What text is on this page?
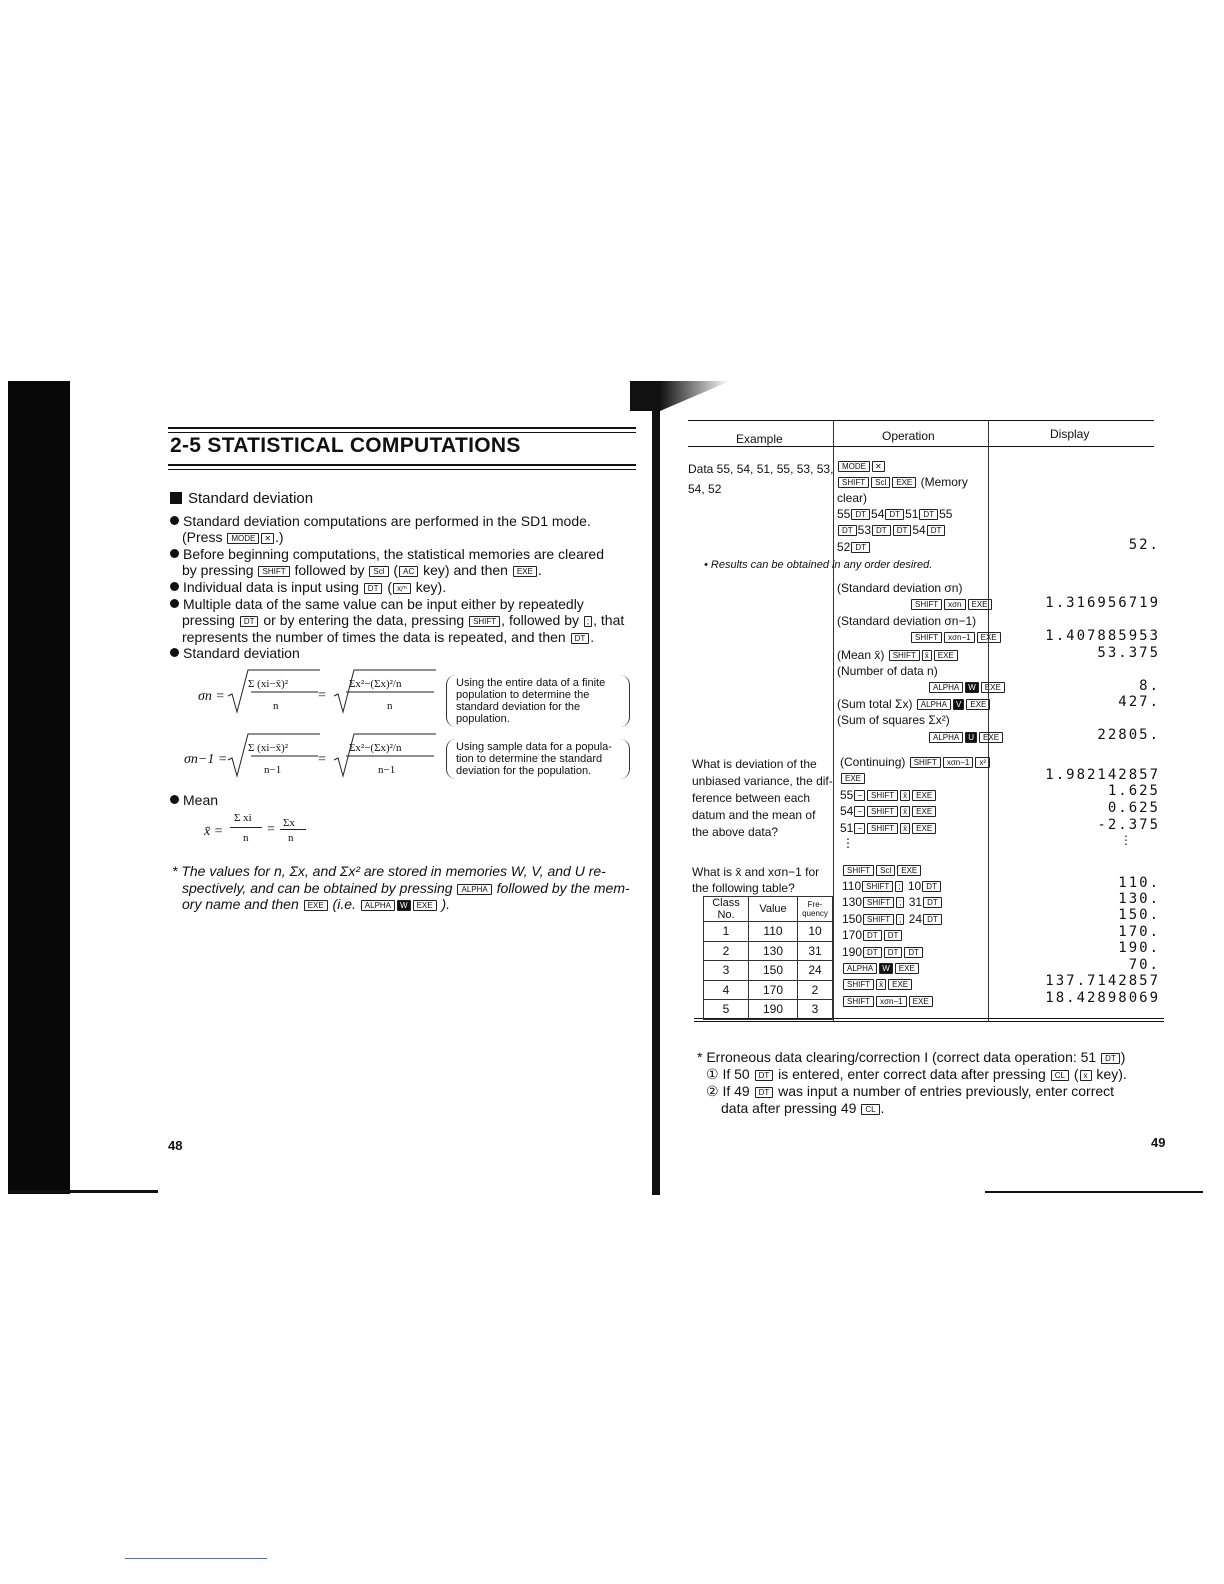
2-5 STATISTICAL COMPUTATIONS
Standard deviation
Standard deviation computations are performed in the SD1 mode.
(Press MODE ✕ .)
Before beginning computations, the statistical memories are cleared
by pressing SHIFT followed by Scl ( AC key) and then EXE .
Individual data is input using DT ( xᵢᵐ key).
Multiple data of the same value can be input either by repeatedly
pressing DT or by entering the data, pressing SHIFT , followed by ; , that
represents the number of times the data is repeated, and then DT .
Standard deviation
σn =
Σ (xi−x̄)²
n
=
Σx²−(Σx)²/n
n
Using the entire data of a finite
population to determine the
standard deviation for the
population.
σn−1 =
Σ (xi−x̄)²
n−1
=
Σx²−(Σx)²/n
n−1
Using sample data for a popula-
tion to determine the standard
deviation for the population.
Mean
x̄ =
Σ xi
n
= Σx
n
* The values for n, Σx, and Σx² are stored in memories W, V, and U re-
spectively, and can be obtained by pressing ALPHA followed by the mem-
ory name and then EXE (i.e. ALPHA W EXE ).
48
Example	Operation	Display
Data 55, 54, 51, 55, 53, 53,
54, 52
MODE ✕
SHIFT Scl EXE (Memory
clear)
55 DT 54 DT 51 DT 55
DT 53 DT DT 54 DT
52 DT	52.
• Results can be obtained in any order desired.
(Standard deviation σn)
SHIFT xσn EXE	1.316956719
(Standard deviation σn−1)
SHIFT xσn−1 EXE	1.407885953
(Mean x̄) SHIFT x̄ EXE	53.375
(Number of data n)
ALPHA W EXE	8.
(Sum total Σx) ALPHA V EXE	427.
(Sum of squares Σx²)
ALPHA U EXE	22805.
What is deviation of the
unbiased variance, the dif-
ference between each
datum and the mean of
the above data?
(Continuing) SHIFT xσn−1 x²
EXE	1.982142857
55 − SHIFT x̄ EXE	1.625
54 − SHIFT x̄ EXE	0.625
51 − SHIFT x̄ EXE	-2.375
⋮	⋮
What is x̄ and xσn−1 for
the following table?
Class No.	Value	Fre-quency
1	110	10
2	130	31
3	150	24
4	170	2
5	190	3
SHIFT Scl EXE
110 SHIFT ; 10 DT	110.
130 SHIFT ; 31 DT	130.
150 SHIFT ; 24 DT	150.
170 DT DT	170.
190 DT DT DT	190.
ALPHA W EXE	70.
SHIFT x̄ EXE	137.7142857
SHIFT xσn−1 EXE	18.42898069
* Erroneous data clearing/correction I (correct data operation: 51 DT )
① If 50 DT is entered, enter correct data after pressing CL ( x key).
② If 49 DT was input a number of entries previously, enter correct
data after pressing 49 CL .
49
